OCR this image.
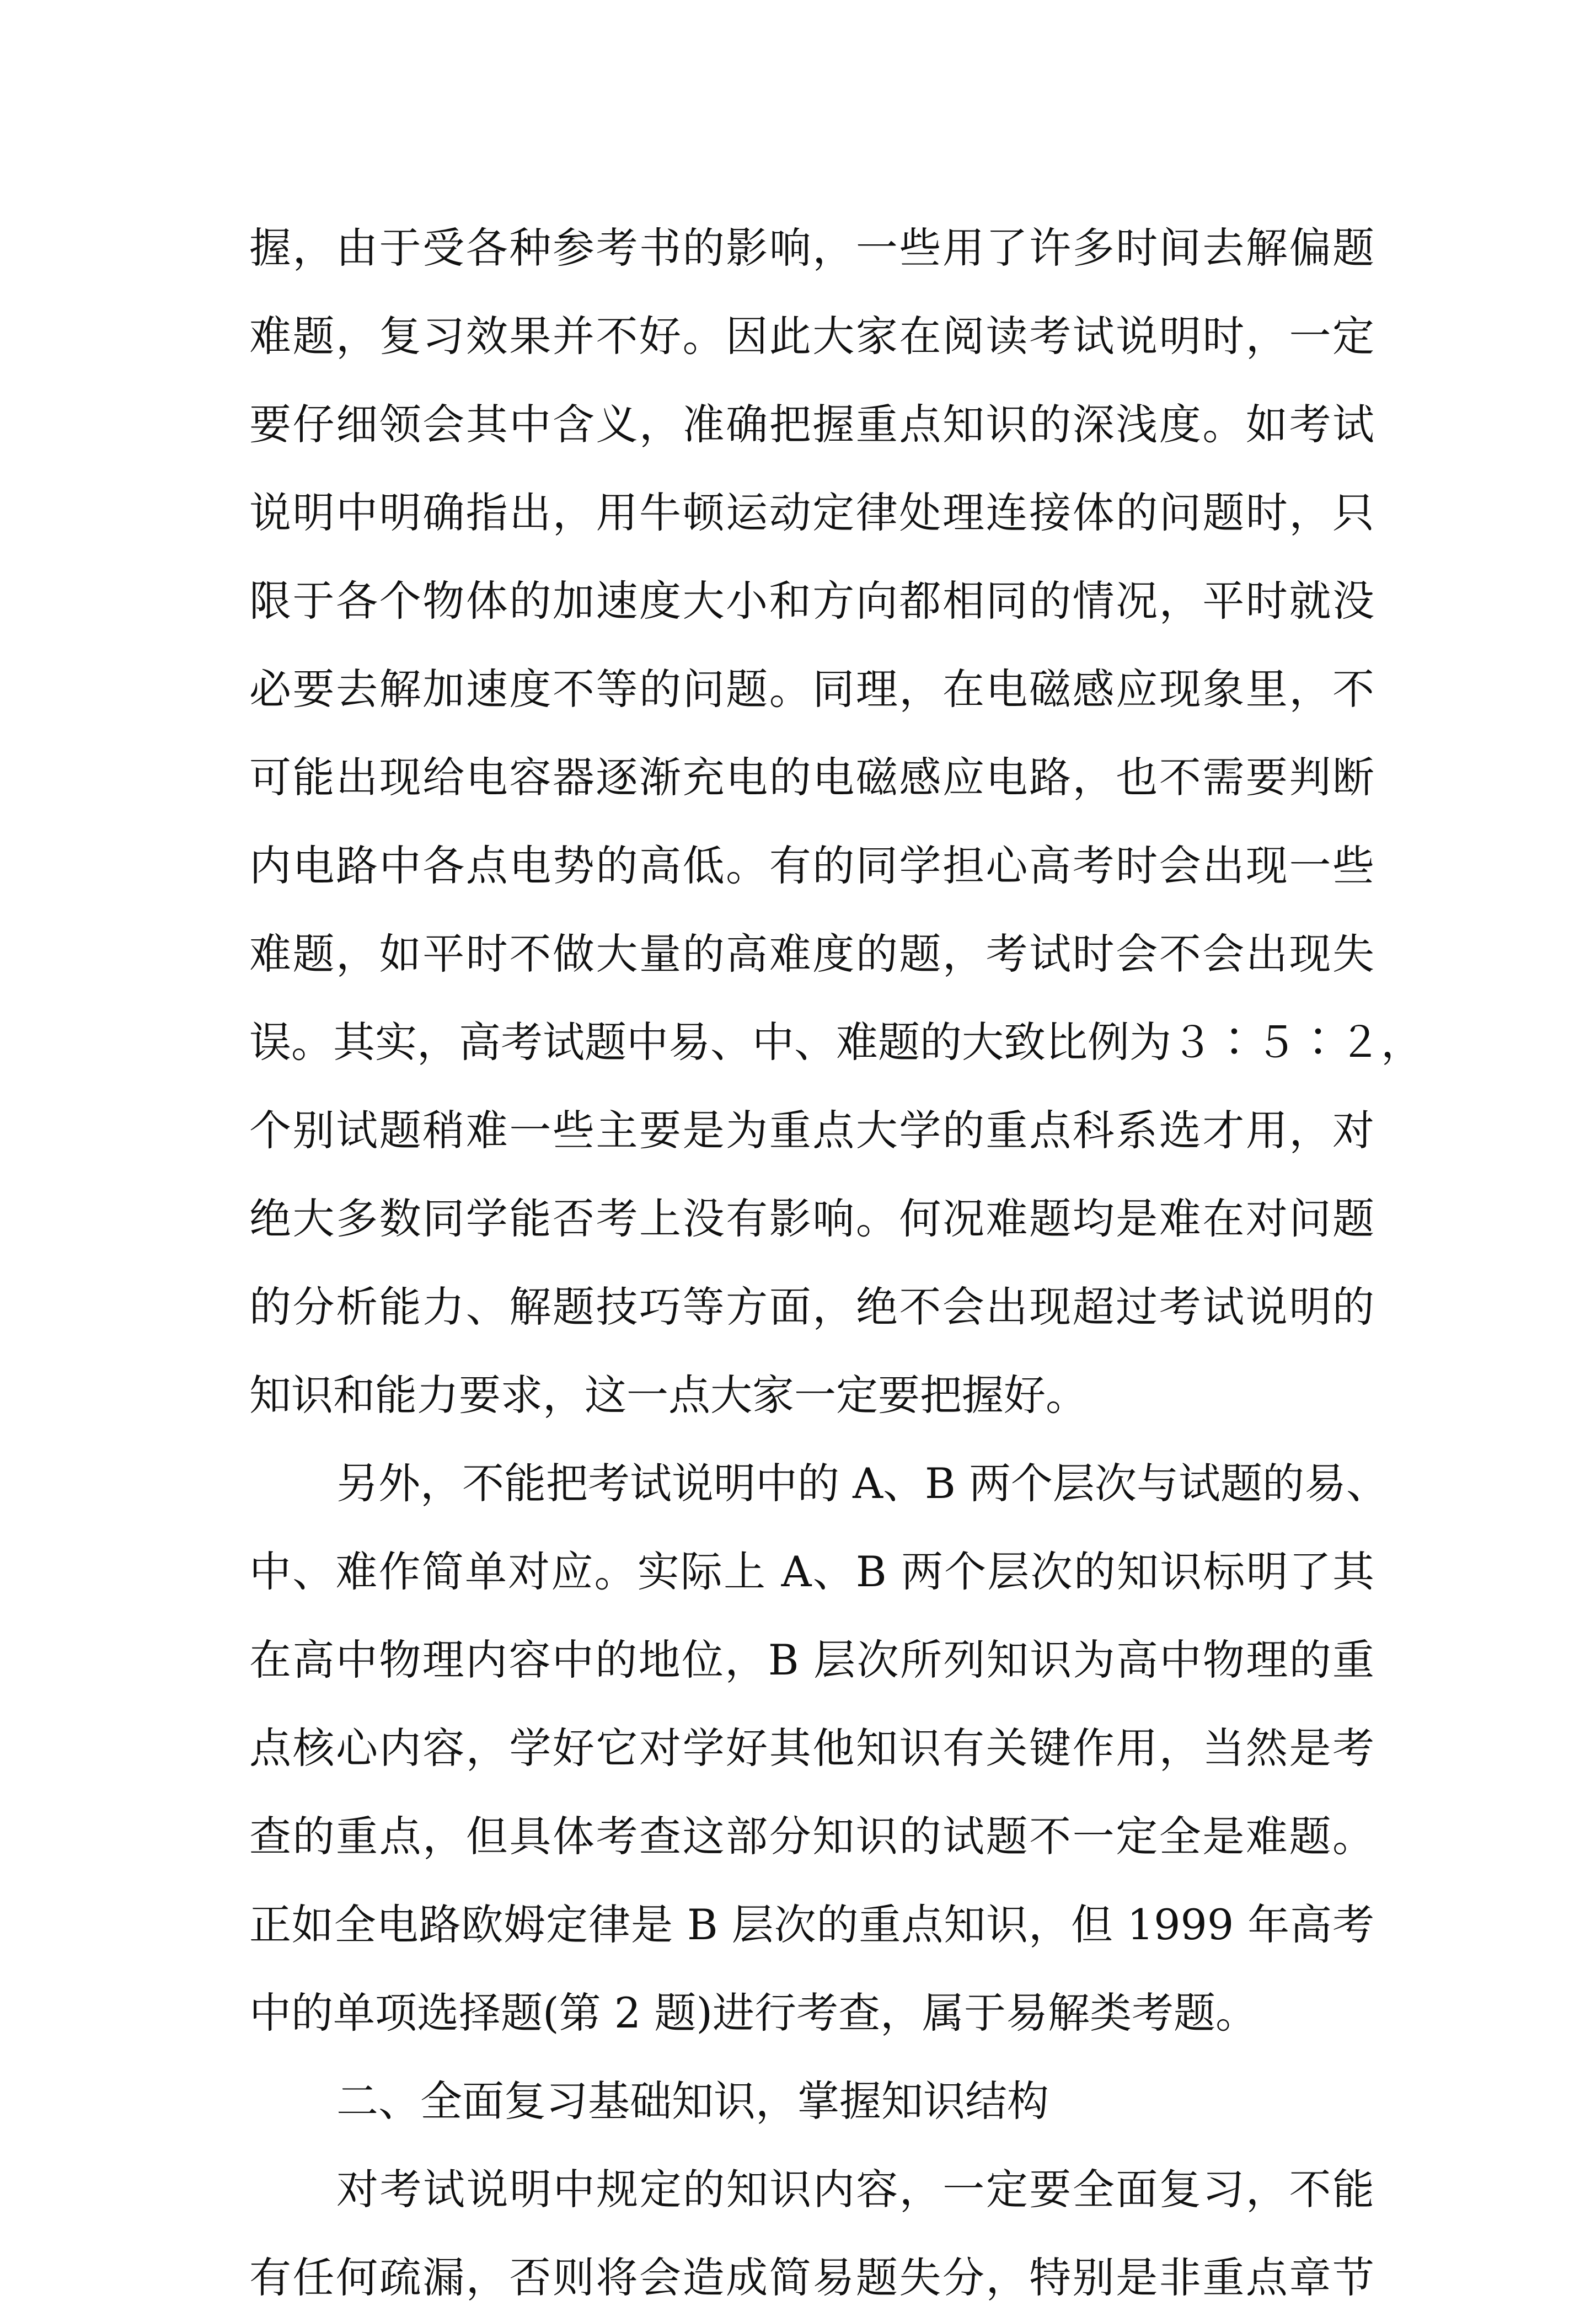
握，由于受各种参考书的影响，一些用了许多时间去解偏题
难题，复习效果并不好。因此大家在阅读考试说明时，一定
要仔细领会其中含义，准确把握重点知识的深浅度。如考试
说明中明确指出，用牛顿运动定律处理连接体的问题时，只
限于各个物体的加速度大小和方向都相同的情况，平时就没
必要去解加速度不等的问题。同理，在电磁感应现象里，不
可能出现给电容器逐渐充电的电磁感应电路，也不需要判断
内电路中各点电势的高低。有的同学担心高考时会出现一些
难题，如平时不做大量的高难度的题，考试时会不会出现失
误。其实，高考试题中易、中、难题的大致比例为３∶５∶２，
个别试题稍难一些主要是为重点大学的重点科系选才用，对
绝大多数同学能否考上没有影响。何况难题均是难在对问题
的分析能力、解题技巧等方面，绝不会出现超过考试说明的
知识和能力要求，这一点大家一定要把握好。
另外，不能把考试说明中的 A、B 两个层次与试题的易、
中、难作简单对应。实际上 A、B 两个层次的知识标明了其
在高中物理内容中的地位，B 层次所列知识为高中物理的重
点核心内容，学好它对学好其他知识有关键作用，当然是考
查的重点，但具体考查这部分知识的试题不一定全是难题。
正如全电路欧姆定律是 B 层次的重点知识，但 1999 年高考
中的单项选择题(第 2 题)进行考查，属于易解类考题。
二、全面复习基础知识，掌握知识结构
对考试说明中规定的知识内容，一定要全面复习，不能
有任何疏漏，否则将会造成简易题失分，特别是非重点章节
